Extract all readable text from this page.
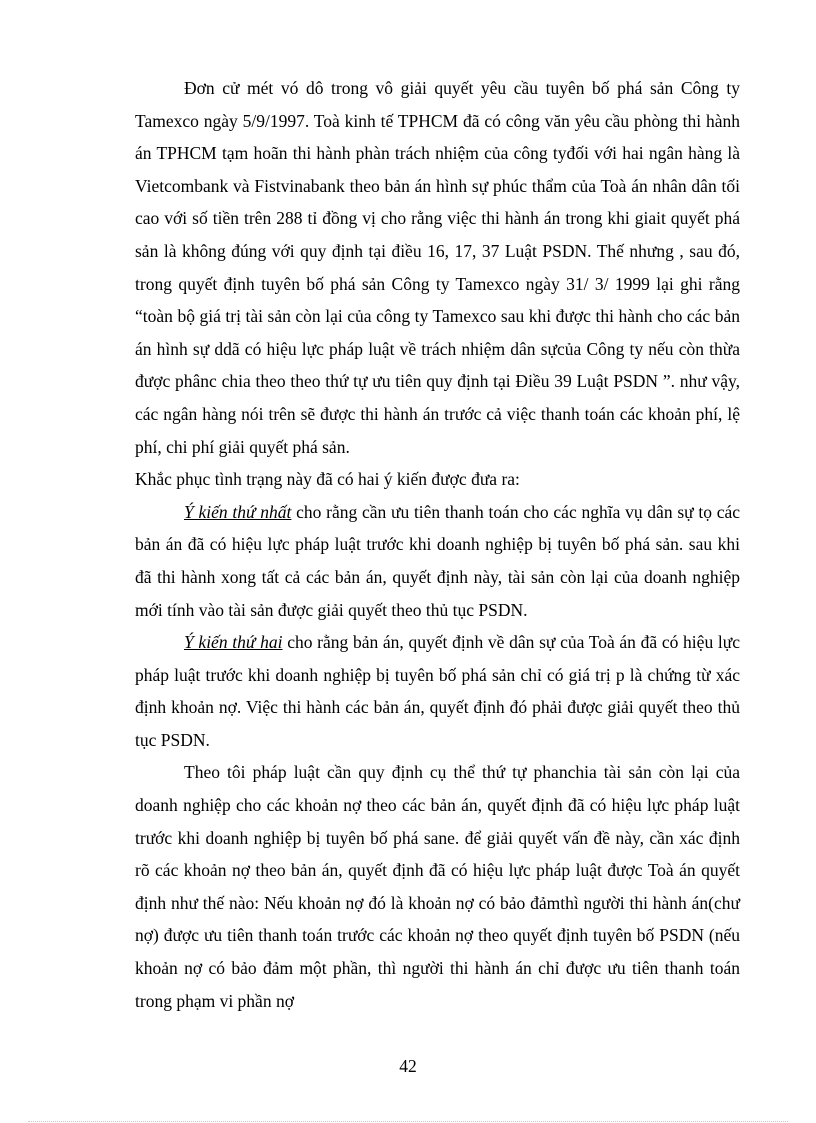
Đơn cử mét vó dô trong vô giải quyết yêu cầu tuyên bố phá sản Công ty Tamexco ngày 5/9/1997. Toà kinh tế TPHCM đã có công văn yêu cầu phòng thi hành án TPHCM tạm hoãn thi hành phàn trách nhiệm của công tyđối với hai ngân hàng là Vietcombank và Fistvinabank theo bản án hình sự phúc thẩm của Toà án nhân dân tối cao với số tiền trên 288 tỉ đồng vị cho rằng việc thi hành án trong khi giait quyết phá sản là không đúng với quy định tại điều 16, 17, 37 Luật PSDN. Thế nhưng , sau đó, trong quyết định tuyên bố phá sản Công ty Tamexco ngày 31/ 3/ 1999 lại ghi rằng “toàn bộ giá trị tài sản còn lại của công ty Tamexco sau khi được thi hành cho các bản án hình sự ddã có hiệu lực pháp luật về trách nhiệm dân sựcủa Công ty nếu còn thừa được phânc chia theo theo thứ tự ưu tiên quy định tại Điều 39 Luật PSDN ”. như vậy, các ngân hàng nói trên sẽ được thi hành án trước cả việc thanh toán các khoản phí, lệ phí, chi phí giải quyết phá sản.

Khắc phục tình trạng này đã có hai ý kiến được đưa ra:

Ý kiến thứ nhất cho rằng cần ưu tiên thanh toán cho các nghĩa vụ dân sự tọ các bản án đã có hiệu lực pháp luật trước khi doanh nghiệp bị tuyên bố phá sản. sau khi đã thi hành xong tất cả các bản án, quyết định này, tài sản còn lại của doanh nghiệp mới tính vào tài sản được giải quyết theo thủ tục PSDN.

Ý kiến thứ hai cho rằng bản án, quyết định về dân sự của Toà án đã có hiệu lực pháp luật trước khi doanh nghiệp bị tuyên bố phá sản chỉ có giá trị p là chứng từ xác định khoản nợ. Việc thi hành các bản án, quyết định đó phải được giải quyết theo thủ tục PSDN.

Theo tôi pháp luật cần quy định cụ thể thứ tự phanchia tài sản còn lại của doanh nghiệp cho các khoản nợ theo các bản án, quyết định đã có hiệu lực pháp luật trước khi doanh nghiệp bị tuyên bố phá sane. để giải quyết vấn đề này, cần xác định rõ các khoản nợ theo bản án, quyết định đã có hiệu lực pháp luật được Toà án quyết định như thế nào: Nếu khoản nợ đó là khoản nợ có bảo đảmthì người thi hành án(chư nợ) được ưu tiên thanh toán trước các khoản nợ theo quyết định tuyên bố PSDN (nếu khoản nợ có bảo đảm một phần, thì người thi hành án chỉ được ưu tiên thanh toán trong phạm vi phần nợ

42
